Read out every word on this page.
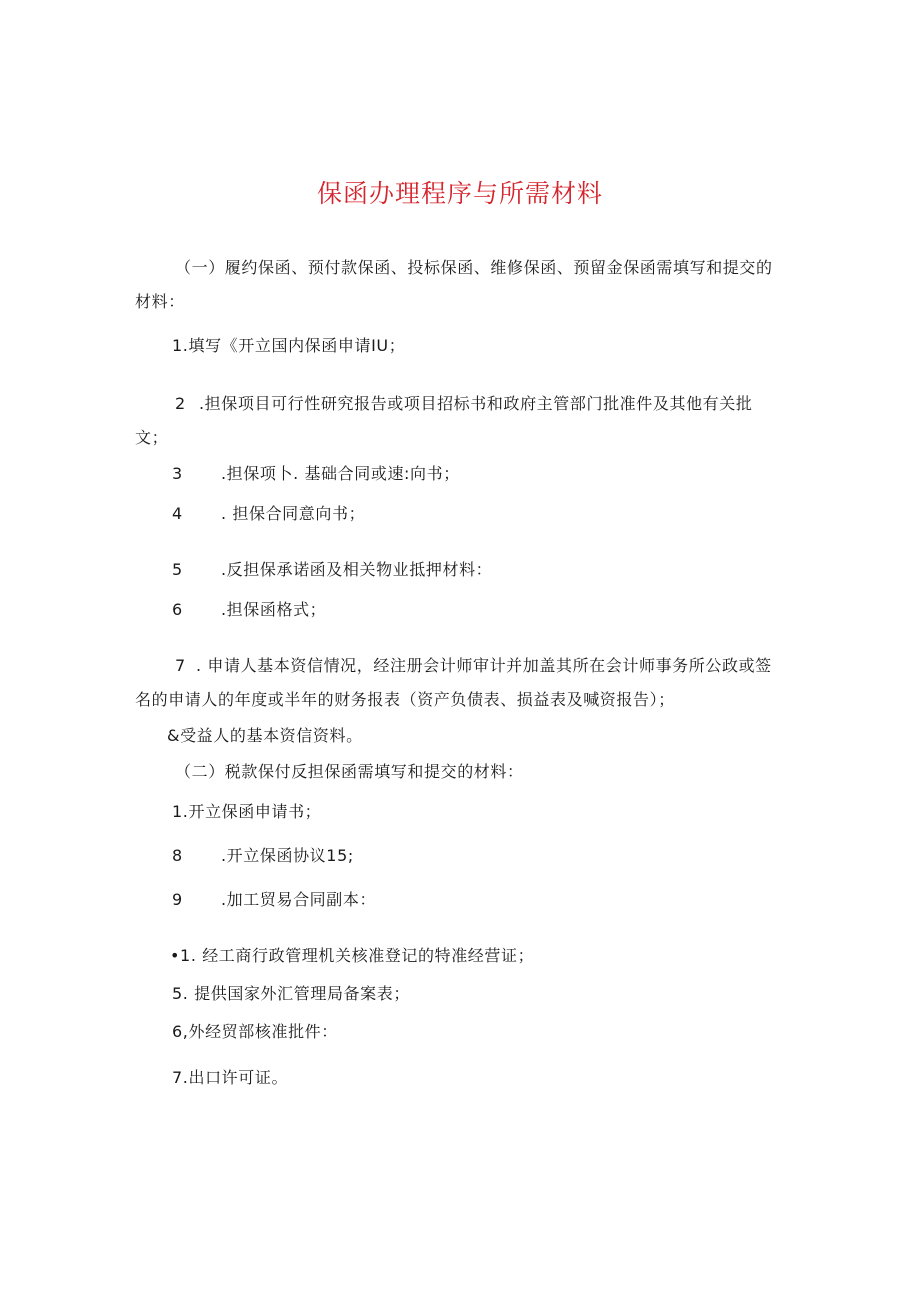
保函办理程序与所需材料
（一）履约保函、预付款保函、投标保函、维修保函、预留金保函需填写和提交的
材料：
1.填写《开立国内保函申请IU；
2 .担保项目可行性研究报告或项目招标书和政府主管部门批准件及其他有关批
文；
3 .担保项卜. 基础合同或速:向书；
4 . 担保合同意向书；
5 .反担保承诺函及相关物业抵押材料：
6 .担保函格式；
7 . 申请人基本资信情况，经注册会计师审计并加盖其所在会计师事务所公政或签
名的申请人的年度或半年的财务报表（资产负债表、损益表及喊资报告）；
&受益人的基本资信资料。
（二）税款保付反担保函需填写和提交的材料：
1.开立保函申请书；
8 .开立保函协议15;
9 .加工贸易合同副本：
•1. 经工商行政管理机关核准登记的特准经营证；
5. 提供国家外汇管理局备案表；
6,外经贸部核准批件：
7.出口许可证。
